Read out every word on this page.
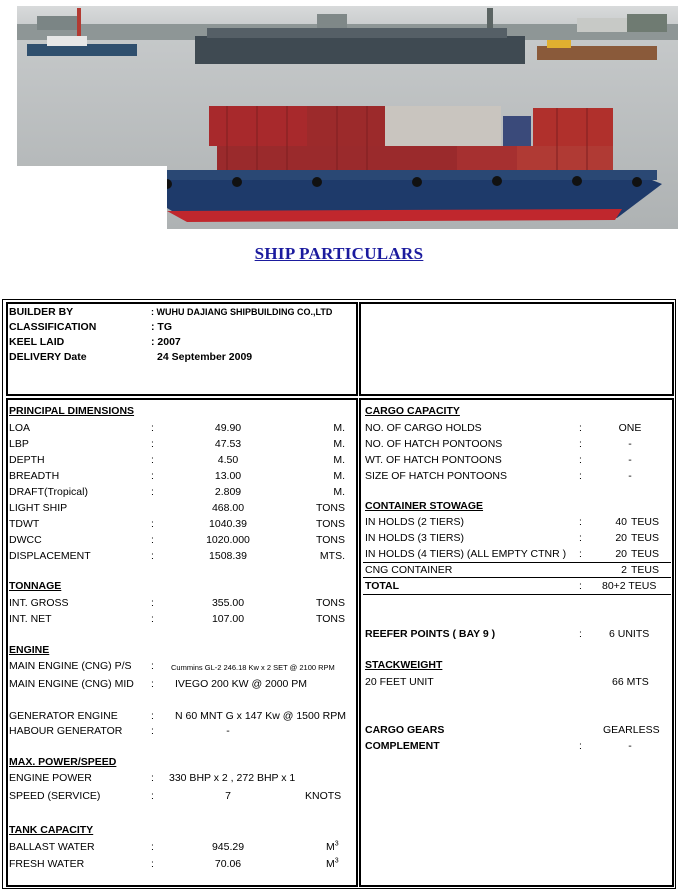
SHIP PARTICULARS
BUILDER BY	: WUHU DAJIANG SHIPBUILDING CO.,LTD
CLASSIFICATION	: TG
KEEL LAID	: 2007
DELIVERY Date	24 September 2009
PRINCIPAL DIMENSIONS
LOA	:	49.90	M.
LBP	:	47.53	M.
DEPTH	:	4.50	M.
BREADTH	:	13.00	M.
DRAFT(Tropical)	:	2.809	M.
LIGHT SHIP	468.00	TONS
TDWT	:	1040.39	TONS
DWCC	:	1020.000	TONS
DISPLACEMENT	:	1508.39	MTS.
TONNAGE
INT. GROSS	:	355.00	TONS
INT. NET	:	107.00	TONS
ENGINE
MAIN ENGINE (CNG) P/S : Cummins GL-2 246.18 Kw x 2 SET @ 2100 RPM
MAIN ENGINE (CNG) MID : IVEGO 200 KW @ 2000 PM
GENERATOR ENGINE	: N 60 MNT G x 147 Kw @ 1500 RPM
HABOUR GENERATOR	:	-
MAX. POWER/SPEED
ENGINE POWER	: 330 BHP x 2 , 272 BHP x 1
SPEED (SERVICE)	:	7	KNOTS
TANK CAPACITY
BALLAST WATER	:	945.29	$M^3$
FRESH WATER	:	70.06	$M^3$
CARGO CAPACITY
NO. OF CARGO HOLDS	:	ONE
NO. OF HATCH PONTOONS	:	-
WT. OF HATCH PONTOONS	:	-
SIZE OF HATCH PONTOONS	:	-
CONTAINER STOWAGE
IN HOLDS (2 TIERS)	:	40 TEUS
IN HOLDS (3 TIERS)	:	20 TEUS
IN HOLDS (4 TIERS) (ALL EMPTY CTNR ) :	20 TEUS
CNG CONTAINER	2 TEUS
TOTAL	: 80+2 TEUS
REEFER POINTS ( BAY 9 )	:	6 UNITS
STACKWEIGHT
20 FEET UNIT	66 MTS
CARGO GEARS	GEARLESS
COMPLEMENT	:	-
